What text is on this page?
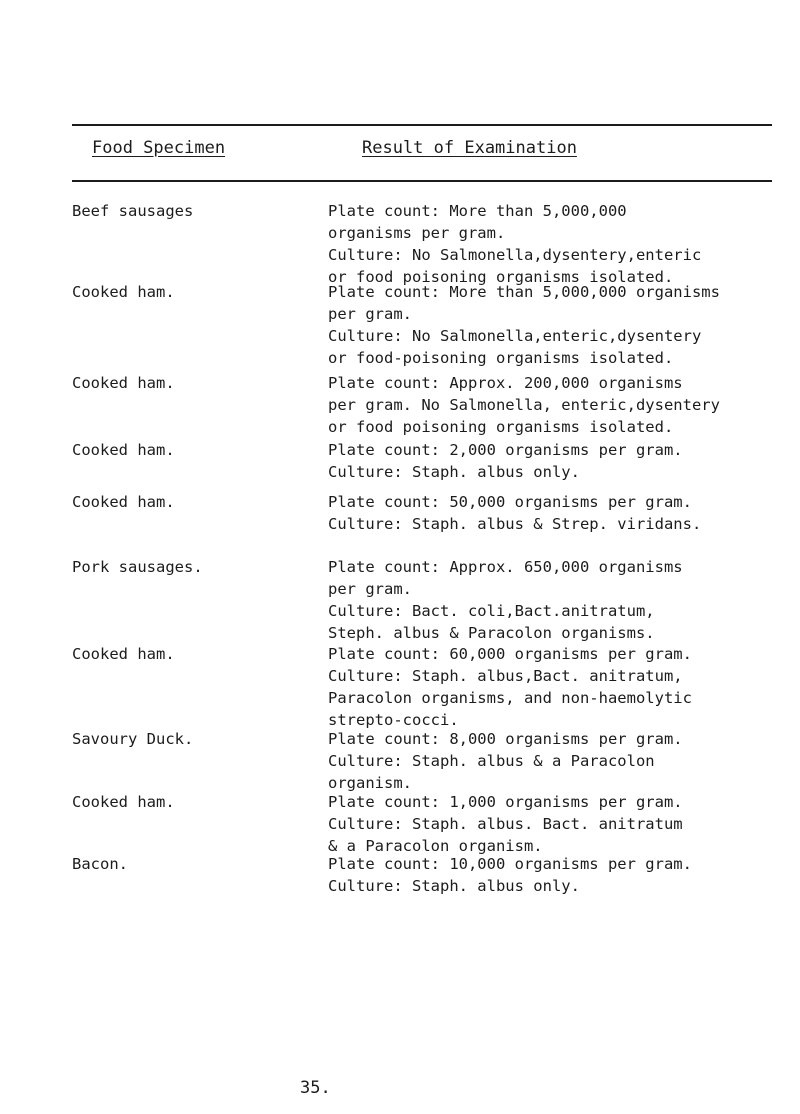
Food Specimen	Result of Examination
Beef sausages	Plate count: More than 5,000,000
organisms per gram.
Culture: No Salmonella,dysentery,enteric
or food poisoning organisms isolated.
Cooked ham.	Plate count: More than 5,000,000 organisms
per gram.
Culture: No Salmonella,enteric,dysentery
or food-poisoning organisms isolated.
Cooked ham.	Plate count: Approx. 200,000 organisms
per gram. No Salmonella, enteric,dysentery
or food poisoning organisms isolated.
Cooked ham.	Plate count: 2,000 organisms per gram.
Culture: Staph. albus only.
Cooked ham.	Plate count: 50,000 organisms per gram.
Culture: Staph. albus & Strep. viridans.
Pork sausages.	Plate count: Approx. 650,000 organisms
per gram.
Culture: Bact. coli,Bact.anitratum,
Steph. albus & Paracolon organisms.
Cooked ham.	Plate count: 60,000 organisms per gram.
Culture: Staph. albus,Bact. anitratum,
Paracolon organisms, and non-haemolytic
strepto-cocci.
Savoury Duck.	Plate count: 8,000 organisms per gram.
Culture: Staph. albus & a Paracolon
organism.
Cooked ham.	Plate count: 1,000 organisms per gram.
Culture: Staph. albus. Bact. anitratum
& a Paracolon organism.
Bacon.	Plate count: 10,000 organisms per gram.
Culture: Staph. albus only.
35.
